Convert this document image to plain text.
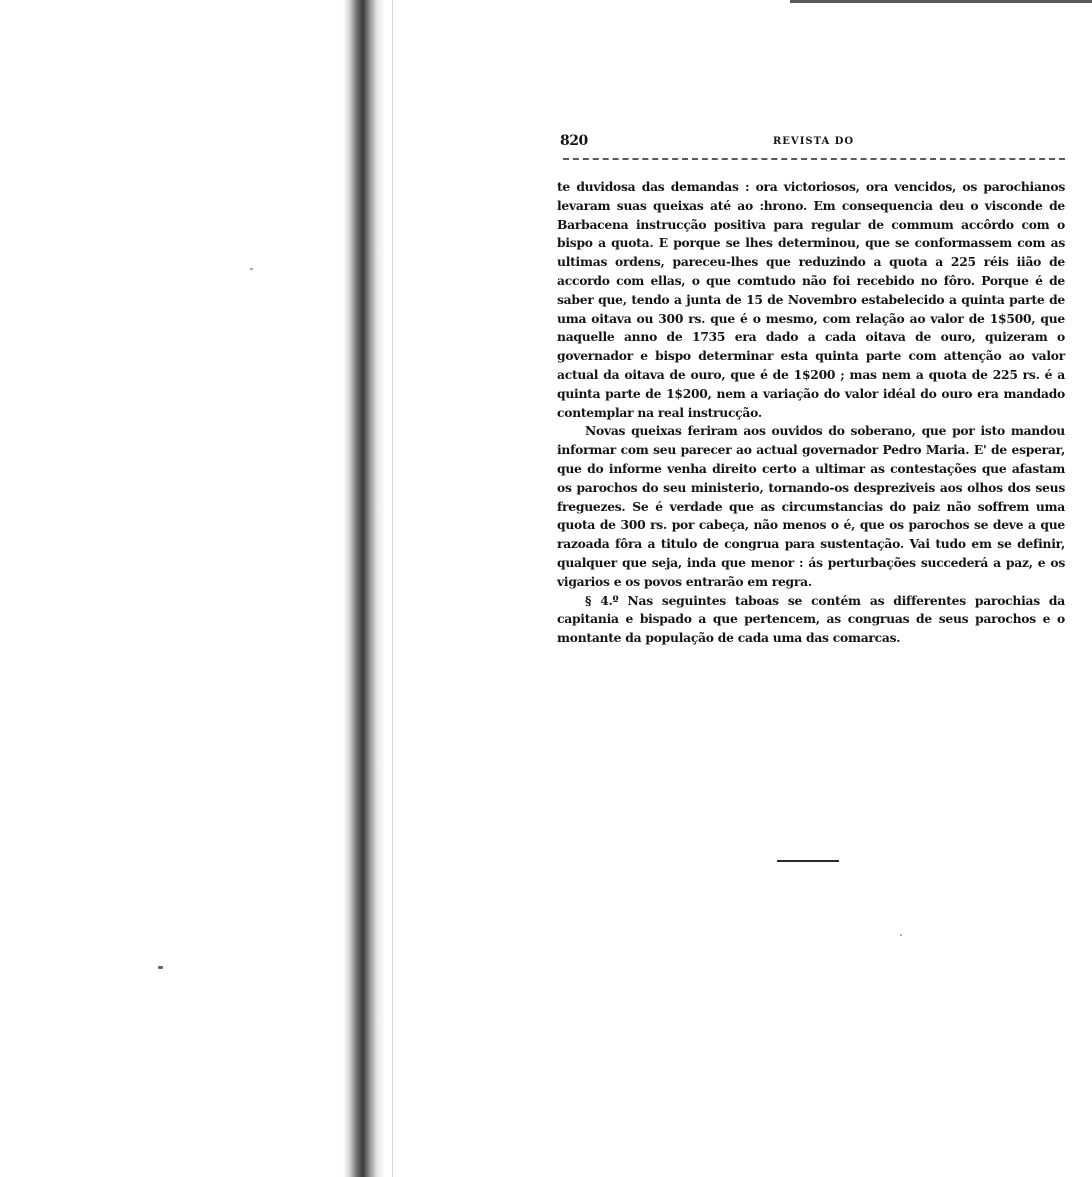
820	REVISTA DO

te duvidosa das demandas : ora victoriosos, ora vencidos, os parochianos levaram suas queixas até ao :hrono. Em consequencia deu o visconde de Barbacena instrucção positiva para regular de commum accôrdo com o bispo a quota. E porque se lhes determinou, que se conformassem com as ultimas ordens, pareceu-lhes que reduzindo a quota a 225 réis iião de accordo com ellas, o que comtudo não foi recebido no fôro. Porque é de saber que, tendo a junta de 15 de Novembro estabelecido a quinta parte de uma oitava ou 300 rs. que é o mesmo, com relação ao valor de 1$500, que naquelle anno de 1735 era dado a cada oitava de ouro, quizeram o governador e bispo determinar esta quinta parte com attenção ao valor actual da oitava de ouro, que é de 1$200 ; mas nem a quota de 225 rs. é a quinta parte de 1$200, nem a variação do valor idéal do ouro era mandado contemplar na real instrucção.

Novas queixas feriram aos ouvidos do soberano, que por isto mandou informar com seu parecer ao actual governador Pedro Maria. E' de esperar, que do informe venha direito certo a ultimar as contestações que afastam os parochos do seu ministerio, tornando-os despreziveis aos olhos dos seus freguezes. Se é verdade que as circumstancias do paiz não soffrem uma quota de 300 rs. por cabeça, não menos o é, que os parochos se deve a que razoada fôra a titulo de congrua para sustentação. Vai tudo em se definir, qualquer que seja, inda que menor : ás perturbações succederá a paz, e os vigarios e os povos entrarão em regra.

§ 4.º Nas seguintes taboas se contém as differentes parochias da capitania e bispado a que pertencem, as congruas de seus parochos e o montante da população de cada uma das comarcas.
